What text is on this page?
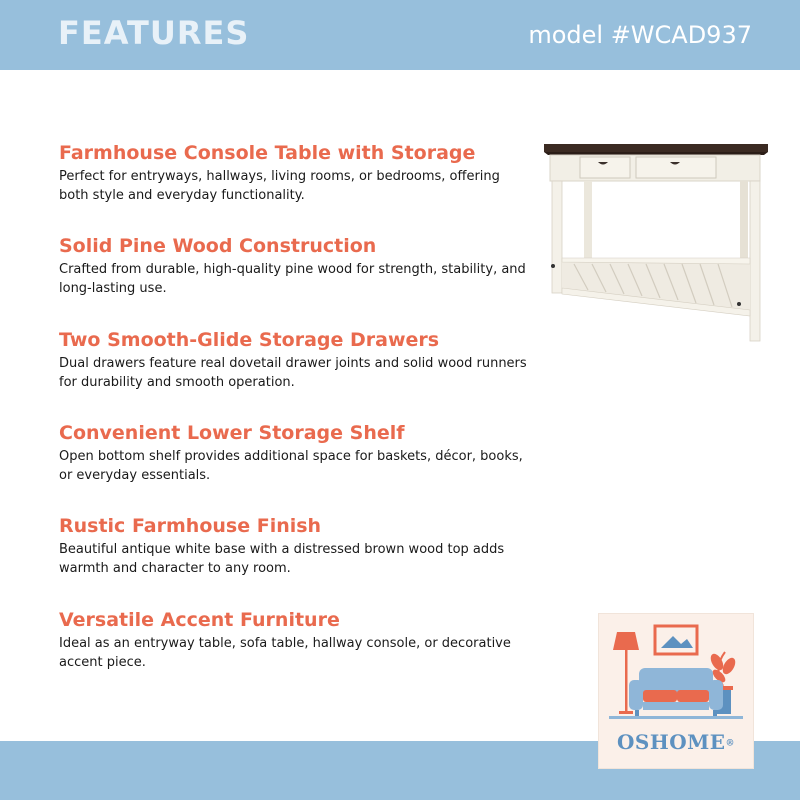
FEATURES	model #WCAD937
Farmhouse Console Table with Storage
Perfect for entryways, hallways, living rooms, or bedrooms, offering both style and everyday functionality.
Solid Pine Wood Construction
Crafted from durable, high-quality pine wood for strength, stability, and long-lasting use.
Two Smooth-Glide Storage Drawers
Dual drawers feature real dovetail drawer joints and solid wood runners for durability and smooth operation.
Convenient Lower Storage Shelf
Open bottom shelf provides additional space for baskets, décor, books, or everyday essentials.
Rustic Farmhouse Finish
Beautiful antique white base with a distressed brown wood top adds warmth and character to any room.
Versatile Accent Furniture
Ideal as an entryway table, sofa table, hallway console, or decorative accent piece.
OSHOME®
